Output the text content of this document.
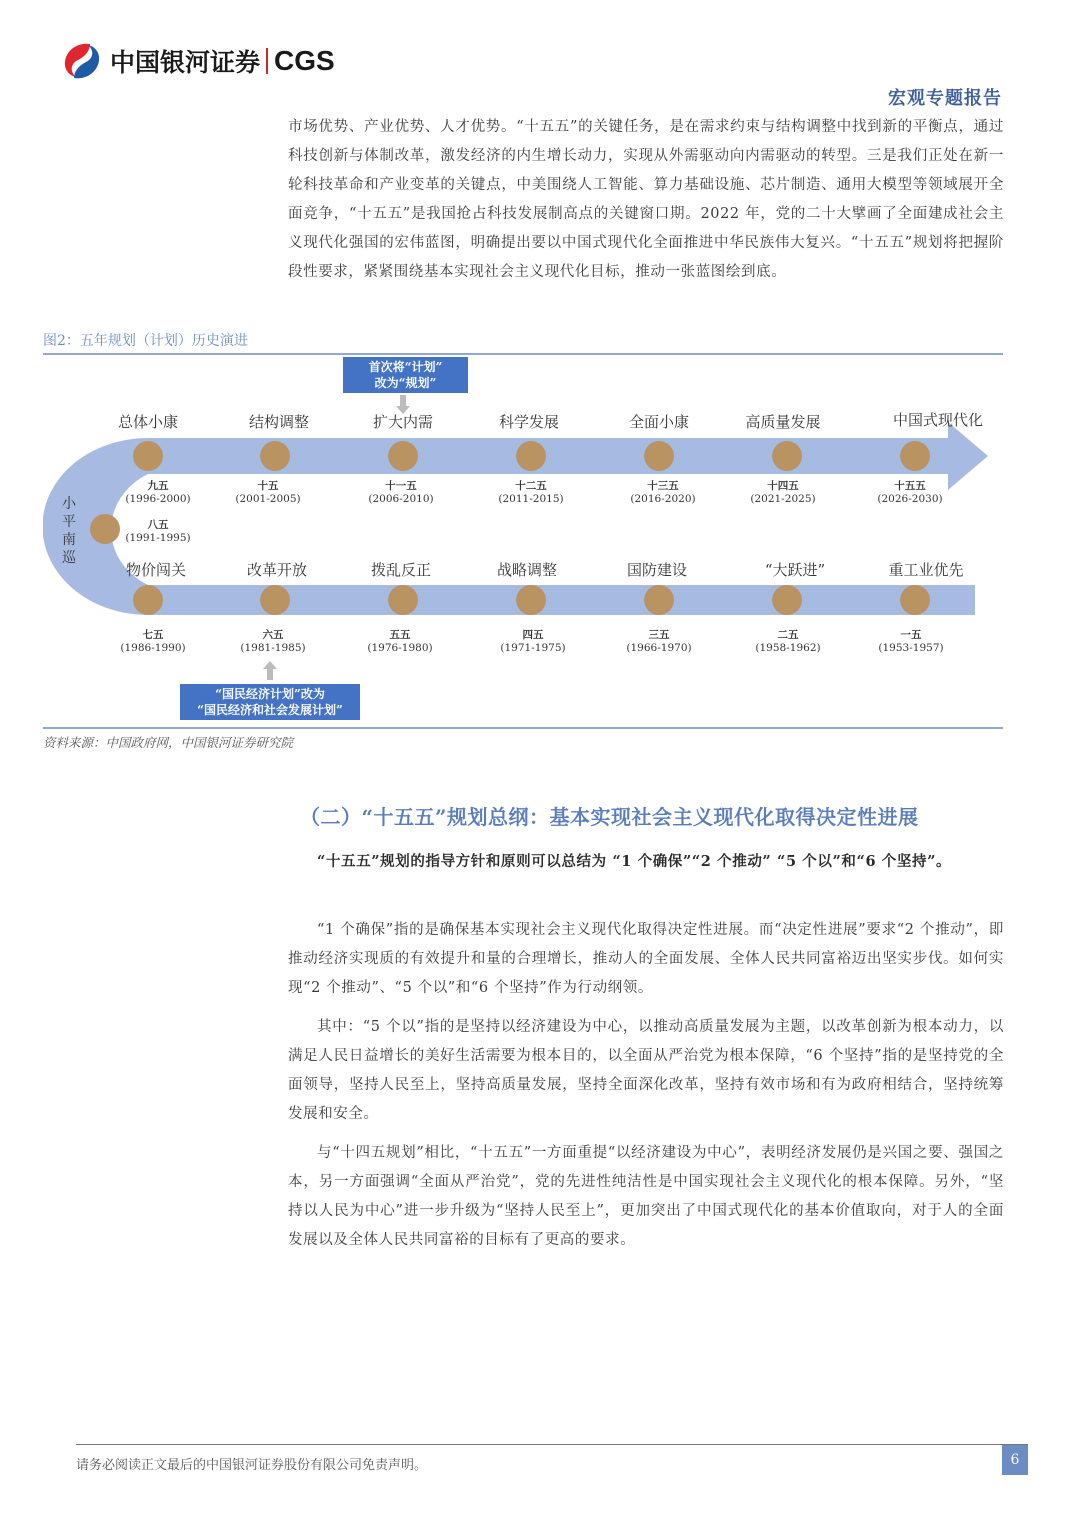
中国银河证券 CGS
宏观专题报告

市场优势、产业优势、人才优势。“十五五”的关键任务，是在需求约束与结构调整中找到新的平衡点，通过科技创新与体制改革，激发经济的内生增长动力，实现从外需驱动向内需驱动的转型。三是我们正处在新一轮科技革命和产业变革的关键点，中美围绕人工智能、算力基础设施、芯片制造、通用大模型等领域展开全面竞争，“十五五”是我国抢占科技发展制高点的关键窗口期。2022 年，党的二十大擘画了全面建成社会主义现代化强国的宏伟蓝图，明确提出要以中国式现代化全面推进中华民族伟大复兴。“十五五”规划将把握阶段性要求，紧紧围绕基本实现社会主义现代化目标，推动一张蓝图绘到底。

图2：五年规划（计划）历史演进
首次将“计划”
改为“规划”
总体小康	结构调整	扩大内需	科学发展	全面小康	高质量发展	中国式现代化
九五
(1996-2000)
十五
(2001-2005)
十一五
(2006-2010)
十二五
(2011-2015)
十三五
(2016-2020)
十四五
(2021-2025)
十五五
(2026-2030)
小平南巡
八五
(1991-1995)
物价闯关	改革开放	拨乱反正	战略调整	国防建设	“大跃进”	重工业优先
七五
(1986-1990)
六五
(1981-1985)
五五
(1976-1980)
四五
(1971-1975)
三五
(1966-1970)
二五
(1958-1962)
一五
(1953-1957)
“国民经济计划”改为
“国民经济和社会发展计划”
资料来源：中国政府网，中国银河证券研究院
（二）“十五五”规划总纲：基本实现社会主义现代化取得决定性进展

“十五五”规划的指导方针和原则可以总结为 “1 个确保”“2 个推动” “5 个以”和“6 个坚持”。

“1 个确保”指的是确保基本实现社会主义现代化取得决定性进展。而“决定性进展”要求“2 个推动”，即推动经济实现质的有效提升和量的合理增长，推动人的全面发展、全体人民共同富裕迈出坚实步伐。如何实现“2 个推动”、“5 个以”和“6 个坚持”作为行动纲领。

其中：“5 个以”指的是坚持以经济建设为中心，以推动高质量发展为主题，以改革创新为根本动力，以满足人民日益增长的美好生活需要为根本目的，以全面从严治党为根本保障，“6 个坚持”指的是坚持党的全面领导，坚持人民至上，坚持高质量发展，坚持全面深化改革，坚持有效市场和有为政府相结合，坚持统筹发展和安全。

与“十四五规划”相比，“十五五”一方面重提“以经济建设为中心”，表明经济发展仍是兴国之要、强国之本，另一方面强调“全面从严治党”，党的先进性纯洁性是中国实现社会主义现代化的根本保障。另外，“坚持以人民为中心”进一步升级为“坚持人民至上”，更加突出了中国式现代化的基本价值取向，对于人的全面发展以及全体人民共同富裕的目标有了更高的要求。

请务必阅读正文最后的中国银河证券股份有限公司免责声明。	6
